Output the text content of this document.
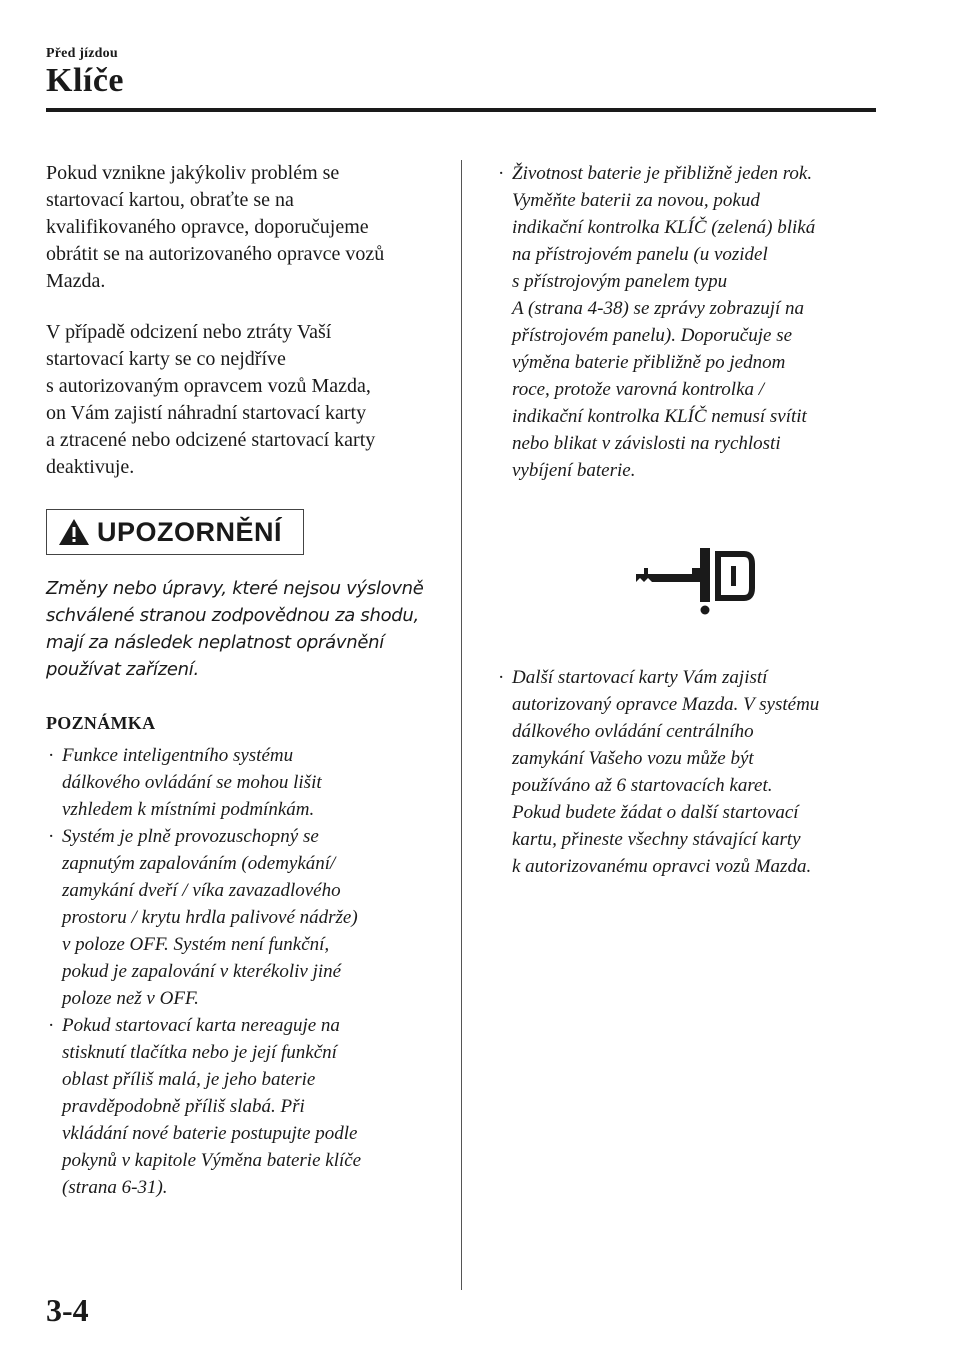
Před jízdou
Klíče

Pokud vznikne jakýkoliv problém se
startovací kartou, obraťte se na
kvalifikovaného opravce, doporučujeme
obrátit se na autorizovaného opravce vozů
Mazda.

V případě odcizení nebo ztráty Vaší
startovací karty se co nejdříve
s autorizovaným opravcem vozů Mazda,
on Vám zajistí náhradní startovací karty
a ztracené nebo odcizené startovací karty
deaktivuje.

UPOZORNĚNÍ

Změny nebo úpravy, které nejsou výslovně
schválené stranou zodpovědnou za shodu,
mají za následek neplatnost oprávnění
používat zařízení.

POZNÁMKA
· Funkce inteligentního systému
dálkového ovládání se mohou lišit
vzhledem k místními podmínkám.
· Systém je plně provozuschopný se
zapnutým zapalováním (odemykání/
zamykání dveří / víka zavazadlového
prostoru / krytu hrdla palivové nádrže)
v poloze OFF. Systém není funkční,
pokud je zapalování v kterékoliv jiné
poloze než v OFF.
· Pokud startovací karta nereaguje na
stisknutí tlačítka nebo je její funkční
oblast příliš malá, je jeho baterie
pravděpodobně příliš slabá. Při
vkládání nové baterie postupujte podle
pokynů v kapitole Výměna baterie klíče
(strana 6-31).
· Životnost baterie je přibližně jeden rok.
Vyměňte baterii za novou, pokud
indikační kontrolka KLÍČ (zelená) bliká
na přístrojovém panelu (u vozidel
s přístrojovým panelem typu
A (strana 4-38) se zprávy zobrazují na
přístrojovém panelu). Doporučuje se
výměna baterie přibližně po jednom
roce, protože varovná kontrolka /
indikační kontrolka KLÍČ nemusí svítit
nebo blikat v závislosti na rychlosti
vybíjení baterie.
· Další startovací karty Vám zajistí
autorizovaný opravce Mazda. V systému
dálkového ovládání centrálního
zamykání Vašeho vozu může být
používáno až 6 startovacích karet.
Pokud budete žádat o další startovací
kartu, přineste všechny stávající karty
k autorizovanému opravci vozů Mazda.
3-4
